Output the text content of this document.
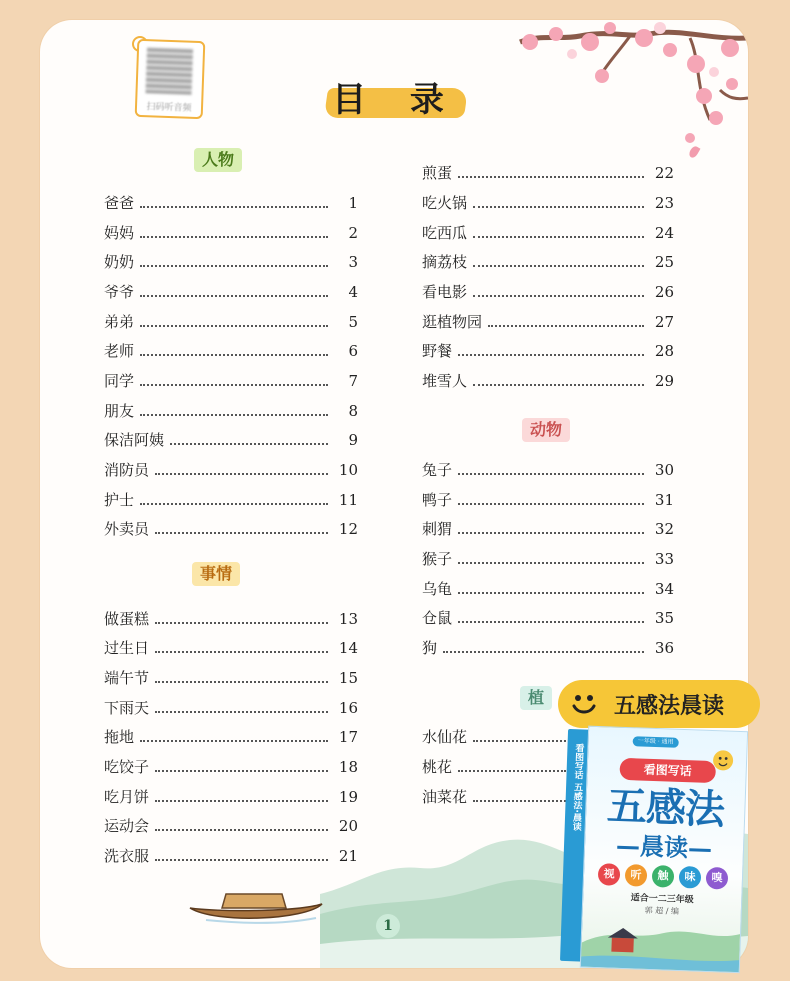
扫码听音频	目 录
人物
事情
动物
植
爸爸	1
妈妈	2
奶奶	3
爷爷	4
弟弟	5
老师	6
同学	7
朋友	8
保洁阿姨	9
消防员	10
护士	11
外卖员	12
做蛋糕	13
过生日	14
端午节	15
下雨天	16
拖地	17
吃饺子	18
吃月饼	19
运动会	20
洗衣服	21
煎蛋	22
吃火锅	23
吃西瓜	24
摘荔枝	25
看电影	26
逛植物园	27
野餐	28
堆雪人	29
兔子	30
鸭子	31
刺猬	32
猴子	33
乌龟	34
仓鼠	35
狗	36
水仙花
桃花
油菜花
1
五感法晨读
看图写话 五感法·晨读
一年级 · 通用
看图写话
五感法
—晨读—
视	听	触	味	嗅
适合一二三年级
郭 超 / 编
